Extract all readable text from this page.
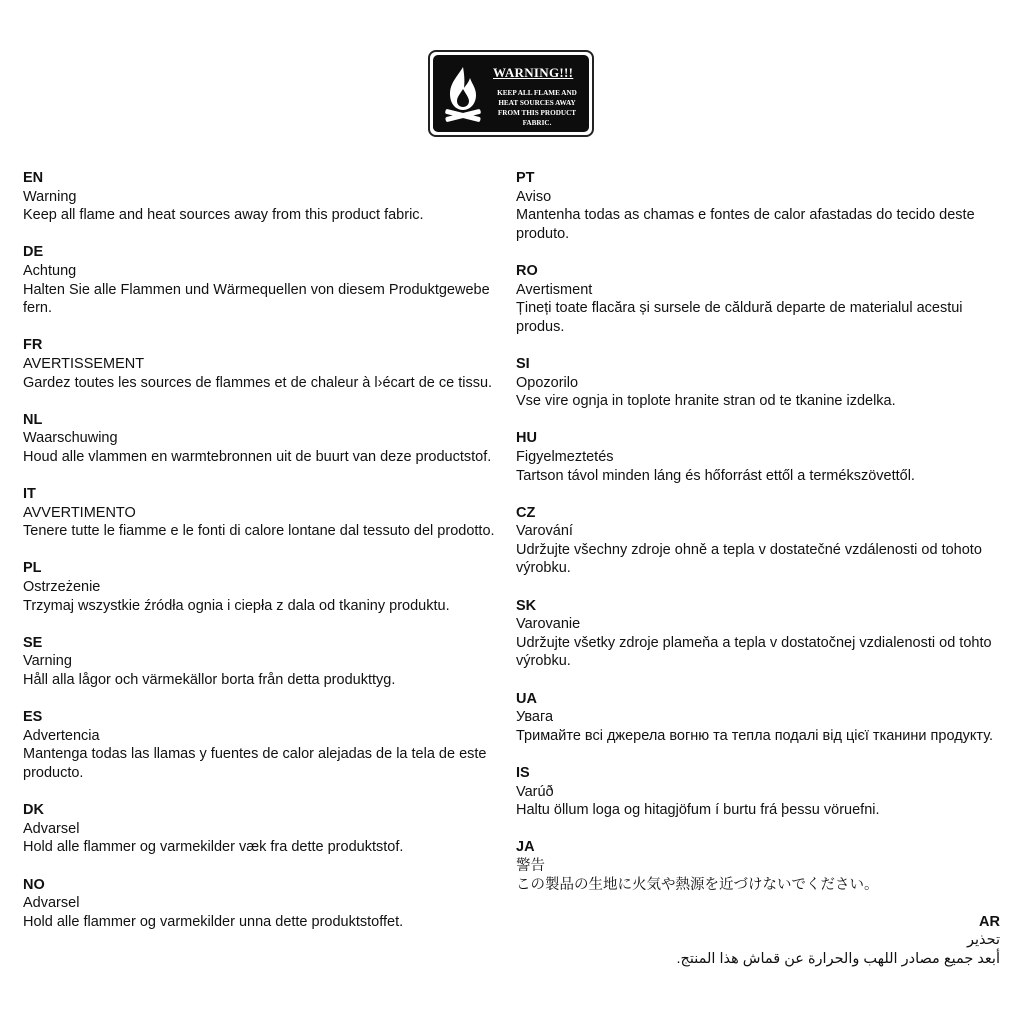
WARNING!!!
KEEP ALL FLAME AND HEAT SOURCES AWAY FROM THIS PRODUCT FABRIC.
EN
Warning
Keep all flame and heat sources away from this product fabric.
DE
Achtung
Halten Sie alle Flammen und Wärmequellen von diesem Produktgewebe fern.
FR
AVERTISSEMENT
Gardez toutes les sources de flammes et de chaleur à l›écart de ce tissu.
NL
Waarschuwing
Houd alle vlammen en warmtebronnen uit de buurt van deze productstof.
IT
AVVERTIMENTO
Tenere tutte le fiamme e le fonti di calore lontane dal tessuto del prodotto.
PL
Ostrzeżenie
Trzymaj wszystkie źródła ognia i ciepła z dala od tkaniny produktu.
SE
Varning
Håll alla lågor och värmekällor borta från detta produkttyg.
ES
Advertencia
Mantenga todas las llamas y fuentes de calor alejadas de la tela de este producto.
DK
Advarsel
Hold alle flammer og varmekilder væk fra dette produktstof.
NO
Advarsel
Hold alle flammer og varmekilder unna dette produktstoffet.
PT
Aviso
Mantenha todas as chamas e fontes de calor afastadas do tecido deste produto.
RO
Avertisment
Țineți toate flacăra și sursele de căldură departe de materialul acestui produs.
SI
Opozorilo
Vse vire ognja in toplote hranite stran od te tkanine izdelka.
HU
Figyelmeztetés
Tartson távol minden láng és hőforrást ettől a termékszövettől.
CZ
Varování
Udržujte všechny zdroje ohně a tepla v dostatečné vzdálenosti od tohoto výrobku.
SK
Varovanie
Udržujte všetky zdroje plameňa a tepla v dostatočnej vzdialenosti od tohto výrobku.
UA
Увага
Тримайте всі джерела вогню та тепла подалі від цієї тканини продукту.
IS
Varúð
Haltu öllum loga og hitagjöfum í burtu frá þessu vöruefni.
JA
警告
この製品の生地に火気や熱源を近づけないでください。
AR
تحذير
أبعد جميع مصادر اللهب والحرارة عن قماش هذا المنتج.
